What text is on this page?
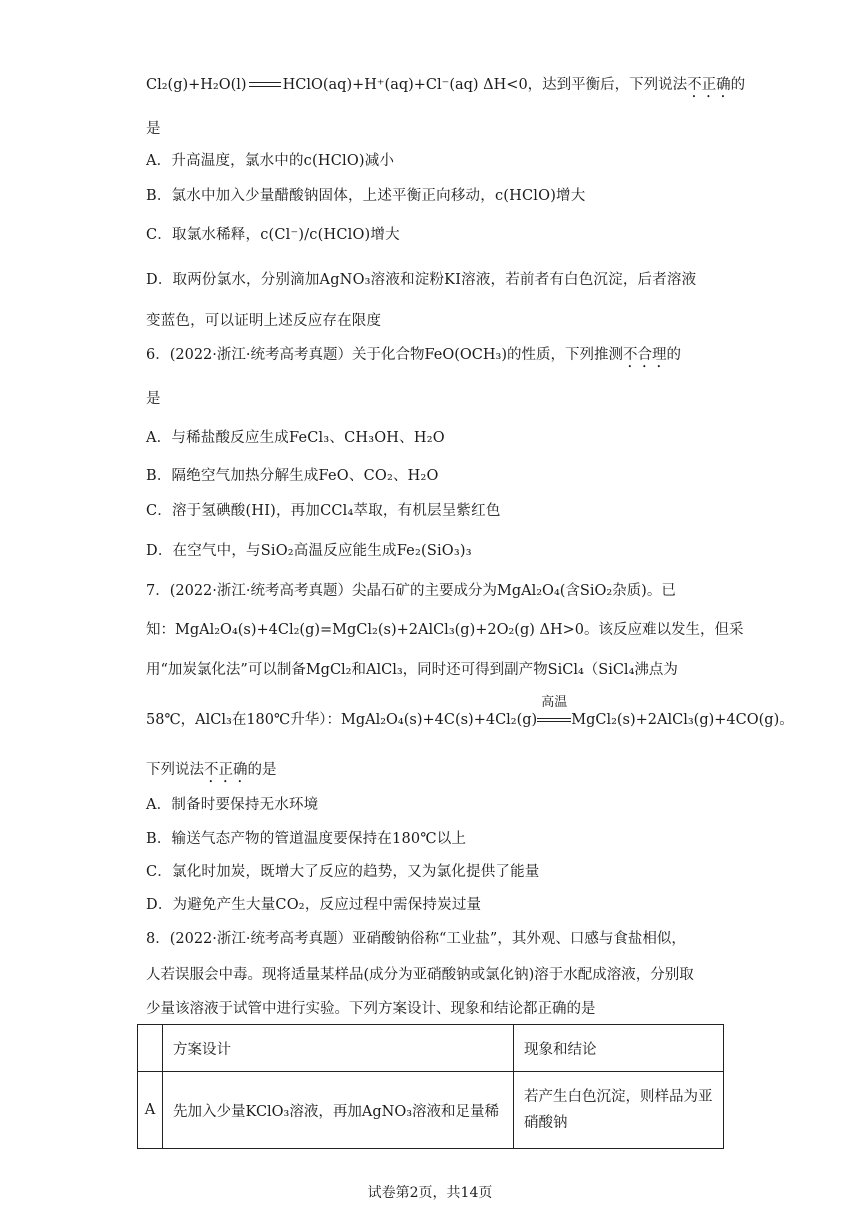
Cl₂(g)+H₂O(l) HClO(aq)+H⁺(aq)+Cl⁻(aq) ΔH<0，达到平衡后，下列说法不正确的
是
A．升高温度，氯水中的c(HClO)减小
B．氯水中加入少量醋酸钠固体，上述平衡正向移动，c(HClO)增大
C．取氯水稀释，c(Cl⁻)/c(HClO)增大
D．取两份氯水，分别滴加AgNO₃溶液和淀粉KI溶液，若前者有白色沉淀，后者溶液
变蓝色，可以证明上述反应存在限度
6．(2022·浙江·统考高考真题）关于化合物FeO(OCH₃)的性质，下列推测不合理的
是
A．与稀盐酸反应生成FeCl₃、CH₃OH、H₂O
B．隔绝空气加热分解生成FeO、CO₂、H₂O
C．溶于氢碘酸(HI)，再加CCl₄萃取，有机层呈紫红色
D．在空气中，与SiO₂高温反应能生成Fe₂(SiO₃)₃
7．(2022·浙江·统考高考真题）尖晶石矿的主要成分为MgAl₂O₄(含SiO₂杂质)。已
知：MgAl₂O₄(s)+4Cl₂(g)=MgCl₂(s)+2AlCl₃(g)+2O₂(g) ΔH>0。该反应难以发生，但采
用“加炭氯化法”可以制备MgCl₂和AlCl₃，同时还可得到副产物SiCl₄（SiCl₄沸点为
58℃，AlCl₃在180℃升华）：MgAl₂O₄(s)+4C(s)+4Cl₂(g)
高温
MgCl₂(s)+2AlCl₃(g)+4CO(g)。
下列说法不正确的是
A．制备时要保持无水环境
B．输送气态产物的管道温度要保持在180℃以上
C．氯化时加炭，既增大了反应的趋势，又为氯化提供了能量
D．为避免产生大量CO₂，反应过程中需保持炭过量
8．(2022·浙江·统考高考真题）亚硝酸钠俗称“工业盐”，其外观、口感与食盐相似，
人若误服会中毒。现将适量某样品(成分为亚硝酸钠或氯化钠)溶于水配成溶液，分别取
少量该溶液于试管中进行实验。下列方案设计、现象和结论都正确的是
	方案设计	现象和结论
A	先加入少量KClO₃溶液，再加AgNO₃溶液和足量稀	若产生白色沉淀，则样品为亚
硝酸钠
试卷第2页，共14页
